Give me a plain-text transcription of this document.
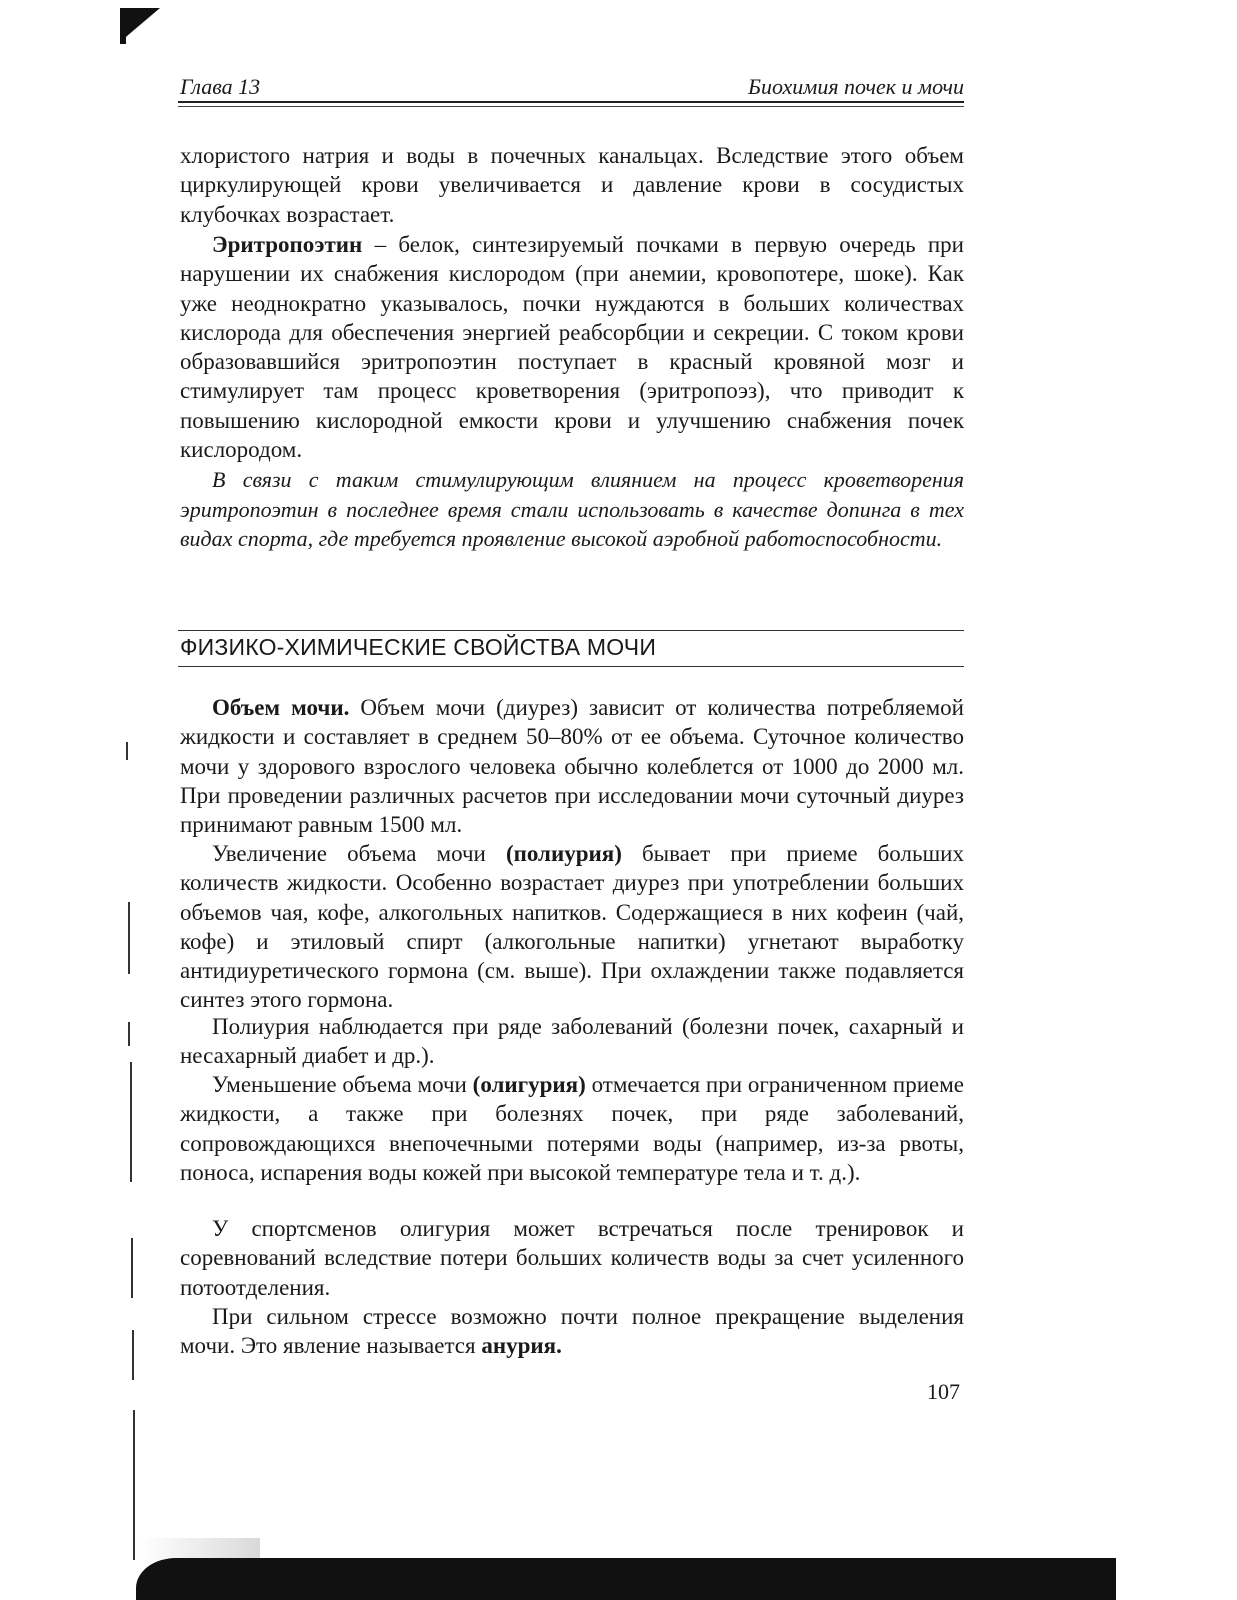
Глава 13	Биохимия почек и мочи

хлористого натрия и воды в почечных канальцах. Вследствие этого объем циркулирующей крови увеличивается и давление крови в сосудистых клубочках возрастает.

Эритропоэтин – белок, синтезируемый почками в первую очередь при нарушении их снабжения кислородом (при анемии, кровопотере, шоке). Как уже неоднократно указывалось, почки нуждаются в больших количествах кислорода для обеспечения энергией реабсорбции и секреции. С током крови образовавшийся эритропоэтин поступает в красный кровяной мозг и стимулирует там процесс кроветворения (эритропоэз), что приводит к повышению кислородной емкости крови и улучшению снабжения почек кислородом.

В связи с таким стимулирующим влиянием на процесс кроветворения эритропоэтин в последнее время стали использовать в качестве допинга в тех видах спорта, где требуется проявление высокой аэробной работоспособности.

ФИЗИКО-ХИМИЧЕСКИЕ СВОЙСТВА МОЧИ

Объем мочи. Объем мочи (диурез) зависит от количества потребляемой жидкости и составляет в среднем 50–80% от ее объема. Суточное количество мочи у здорового взрослого человека обычно колеблется от 1000 до 2000 мл. При проведении различных расчетов при исследовании мочи суточный диурез принимают равным 1500 мл.

Увеличение объема мочи (полиурия) бывает при приеме больших количеств жидкости. Особенно возрастает диурез при употреблении больших объемов чая, кофе, алкогольных напитков. Содержащиеся в них кофеин (чай, кофе) и этиловый спирт (алкогольные напитки) угнетают выработку антидиуретического гормона (см. выше). При охлаждении также подавляется синтез этого гормона.

Полиурия наблюдается при ряде заболеваний (болезни почек, сахарный и несахарный диабет и др.).

Уменьшение объема мочи (олигурия) отмечается при ограниченном приеме жидкости, а также при болезнях почек, при ряде заболеваний, сопровождающихся внепочечными потерями воды (например, из-за рвоты, поноса, испарения воды кожей при высокой температуре тела и т. д.).

У спортсменов олигурия может встречаться после тренировок и соревнований вследствие потери больших количеств воды за счет усиленного потоотделения.

При сильном стрессе возможно почти полное прекращение выделения мочи. Это явление называется анурия.

107
